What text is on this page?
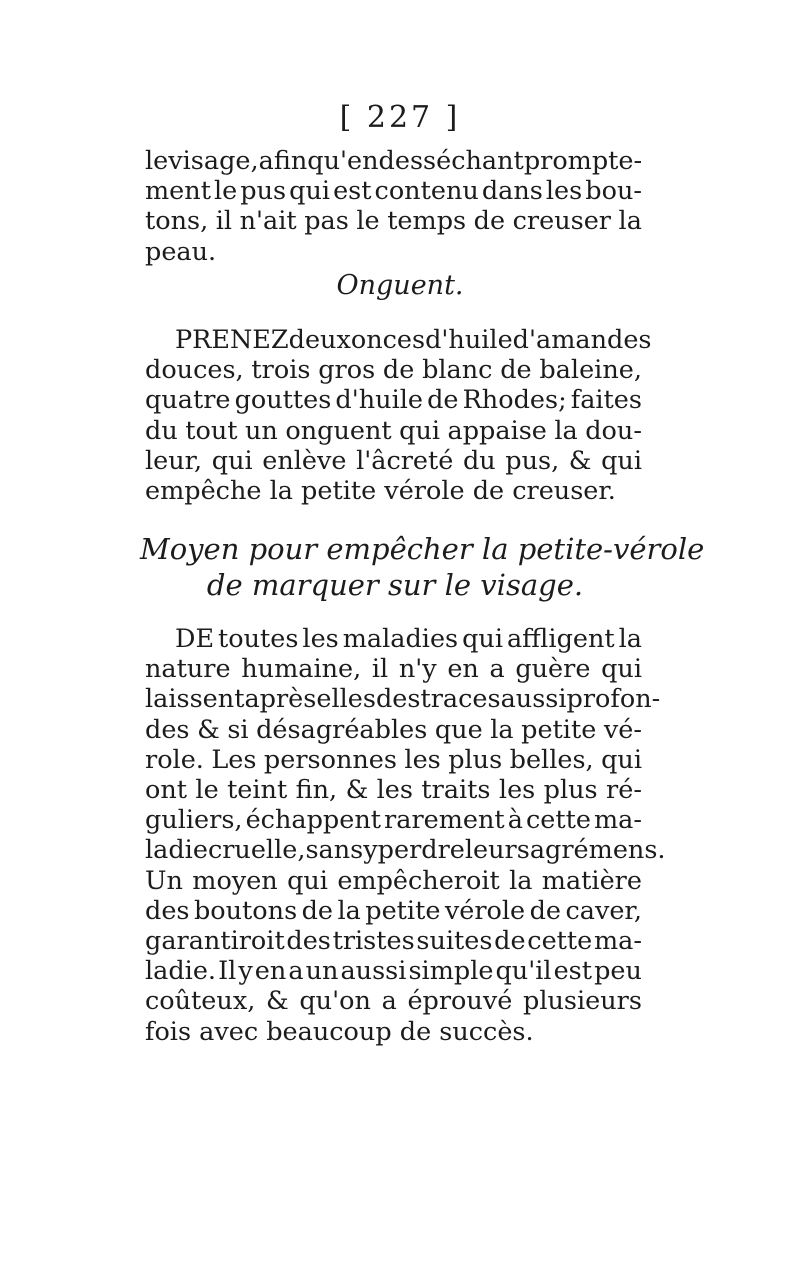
[ 227 ]
le visage, afin qu'en desséchant prompte-
ment le pus qui est contenu dans les bou-
tons, il n'ait pas le temps de creuser la
peau.
Onguent.
PRENEZ deux onces d'huile d'amandes
douces, trois gros de blanc de baleine,
quatre gouttes d'huile de Rhodes; faites
du tout un onguent qui appaise la dou-
leur, qui enlève l'âcreté du pus, & qui
empêche la petite vérole de creuser.
Moyen pour empêcher la petite-vérole
de marquer sur le visage.
DE toutes les maladies qui affligent la
nature humaine, il n'y en a guère qui
laissent après elles des traces aussi profon-
des & si désagréables que la petite vé-
role. Les personnes les plus belles, qui
ont le teint fin, & les traits les plus ré-
guliers, échappent rarement à cette ma-
ladie cruelle, sans y perdre leurs agrémens.
Un moyen qui empêcheroit la matière
des boutons de la petite vérole de caver,
garantiroit des tristes suites de cette ma-
ladie. Il y en a un aussi simple qu'il est peu
coûteux, & qu'on a éprouvé plusieurs
fois avec beaucoup de succès.
